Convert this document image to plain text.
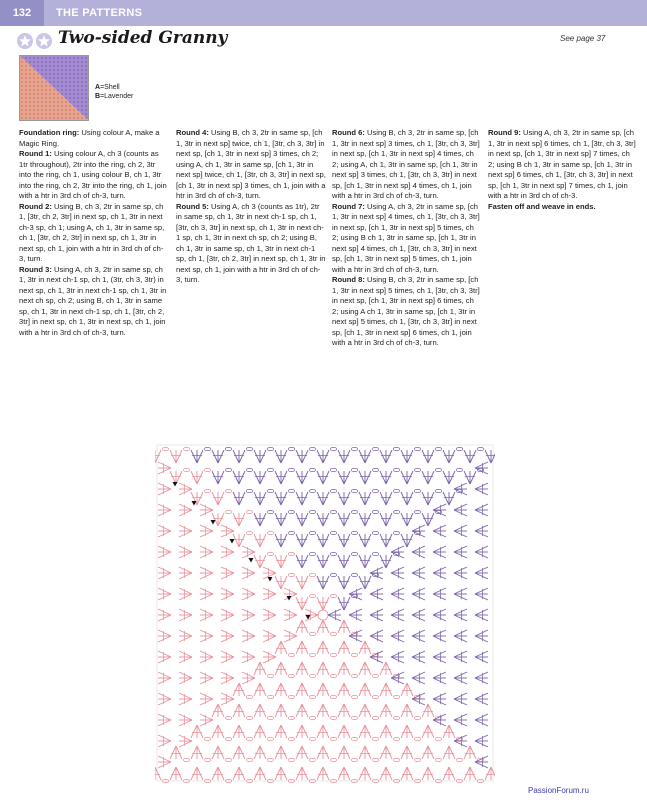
132	THE PATTERNS
Two-sided Granny	See page 37
A=Shell
B=Lavender

Foundation ring: Using colour A, make a Magic Ring.

Round 1: Using colour A, ch 3 (counts as 1tr throughout), 2tr into the ring, ch 2, 3tr into the ring, ch 1, using colour B, ch 1, 3tr into the ring, ch 2, 3tr into the ring, ch 1, join with a htr in 3rd ch of ch-3, turn.

Round 2: Using B, ch 3, 2tr in same sp, ch 1, [3tr, ch 2, 3tr] in next sp, ch 1, 3tr in next ch-3 sp, ch 1; using A, ch 1, 3tr in same sp, ch 1, [3tr, ch 2, 3tr] in next sp, ch 1, 3tr in next sp, ch 1, join with a htr in 3rd ch of ch-3, turn.

Round 3: Using A, ch 3, 2tr in same sp, ch 1, 3tr in next ch-1 sp, ch 1, (3tr, ch 3, 3tr) in next sp, ch 1, 3tr in next ch-1 sp, ch 1, 3tr in next ch sp, ch 2; using B, ch 1, 3tr in same sp, ch 1, 3tr in next ch-1 sp, ch 1, [3tr, ch 2, 3tr] in next sp, ch 1, 3tr in next sp, ch 1, join with a htr in 3rd ch of ch-3, turn.

Round 4: Using B, ch 3, 2tr in same sp, [ch 1, 3tr in next sp] twice, ch 1, [3tr, ch 3, 3tr] in next sp, [ch 1, 3tr in next sp] 3 times, ch 2; using A, ch 1, 3tr in same sp, [ch 1, 3tr in next sp] twice, ch 1, [3tr, ch 3, 3tr] in next sp, [ch 1, 3tr in next sp] 3 times, ch 1, join with a htr in 3rd ch of ch-3, turn.

Round 5: Using A, ch 3 (counts as 1tr), 2tr in same sp, ch 1, 3tr in next ch-1 sp, ch 1, [3tr, ch 3, 3tr] in next sp, ch 1, 3tr in next ch-1 sp, ch 1, 3tr in next ch sp, ch 2; using B, ch 1, 3tr in same sp, ch 1, 3tr in next ch-1 sp, ch 1, [3tr, ch 2, 3tr] in next sp, ch 1, 3tr in next sp, ch 1, join with a htr in 3rd ch of ch-3, turn.

Round 6: Using B, ch 3, 2tr in same sp, [ch 1, 3tr in next sp] 3 times, ch 1, [3tr, ch 3, 3tr] in next sp, [ch 1, 3tr in next sp] 4 times, ch 2; using A, ch 1, 3tr in same sp, [ch 1, 3tr in next sp] 3 times, ch 1, [3tr, ch 3, 3tr] in next sp, [ch 1, 3tr in next sp] 4 times, ch 1, join with a htr in 3rd ch of ch-3, turn.

Round 7: Using A, ch 3, 2tr in same sp, [ch 1, 3tr in next sp] 4 times, ch 1, [3tr, ch 3, 3tr] in next sp, [ch 1, 3tr in next sp] 5 times, ch 2; using B ch 1, 3tr in same sp, [ch 1, 3tr in next sp] 4 times, ch 1, [3tr, ch 3, 3tr] in next sp, [ch 1, 3tr in next sp] 5 times, ch 1, join with a htr in 3rd ch of ch-3, turn.

Round 8: Using B, ch 3, 2tr in same sp, [ch 1, 3tr in next sp] 5 times, ch 1, [3tr, ch 3, 3tr] in next sp, [ch 1, 3tr in next sp] 6 times, ch 2; using A ch 1, 3tr in same sp, [ch 1, 3tr in next sp] 5 times, ch 1, [3tr, ch 3, 3tr] in next sp, [ch 1, 3tr in next sp] 6 times, ch 1, join with a htr in 3rd ch of ch-3, turn.

Round 9: Using A, ch 3, 2tr in same sp, [ch 1, 3tr in next sp] 6 times, ch 1, [3tr, ch 3, 3tr] in next sp, [ch 1, 3tr in next sp] 7 times, ch 2; using B ch 1, 3tr in same sp, [ch 1, 3tr in next sp] 6 times, ch 1, [3tr, ch 3, 3tr] in next sp, [ch 1, 3tr in next sp] 7 times, ch 1, join with a htr in 3rd ch of ch-3.

Fasten off and weave in ends.

PassionForum.ru
